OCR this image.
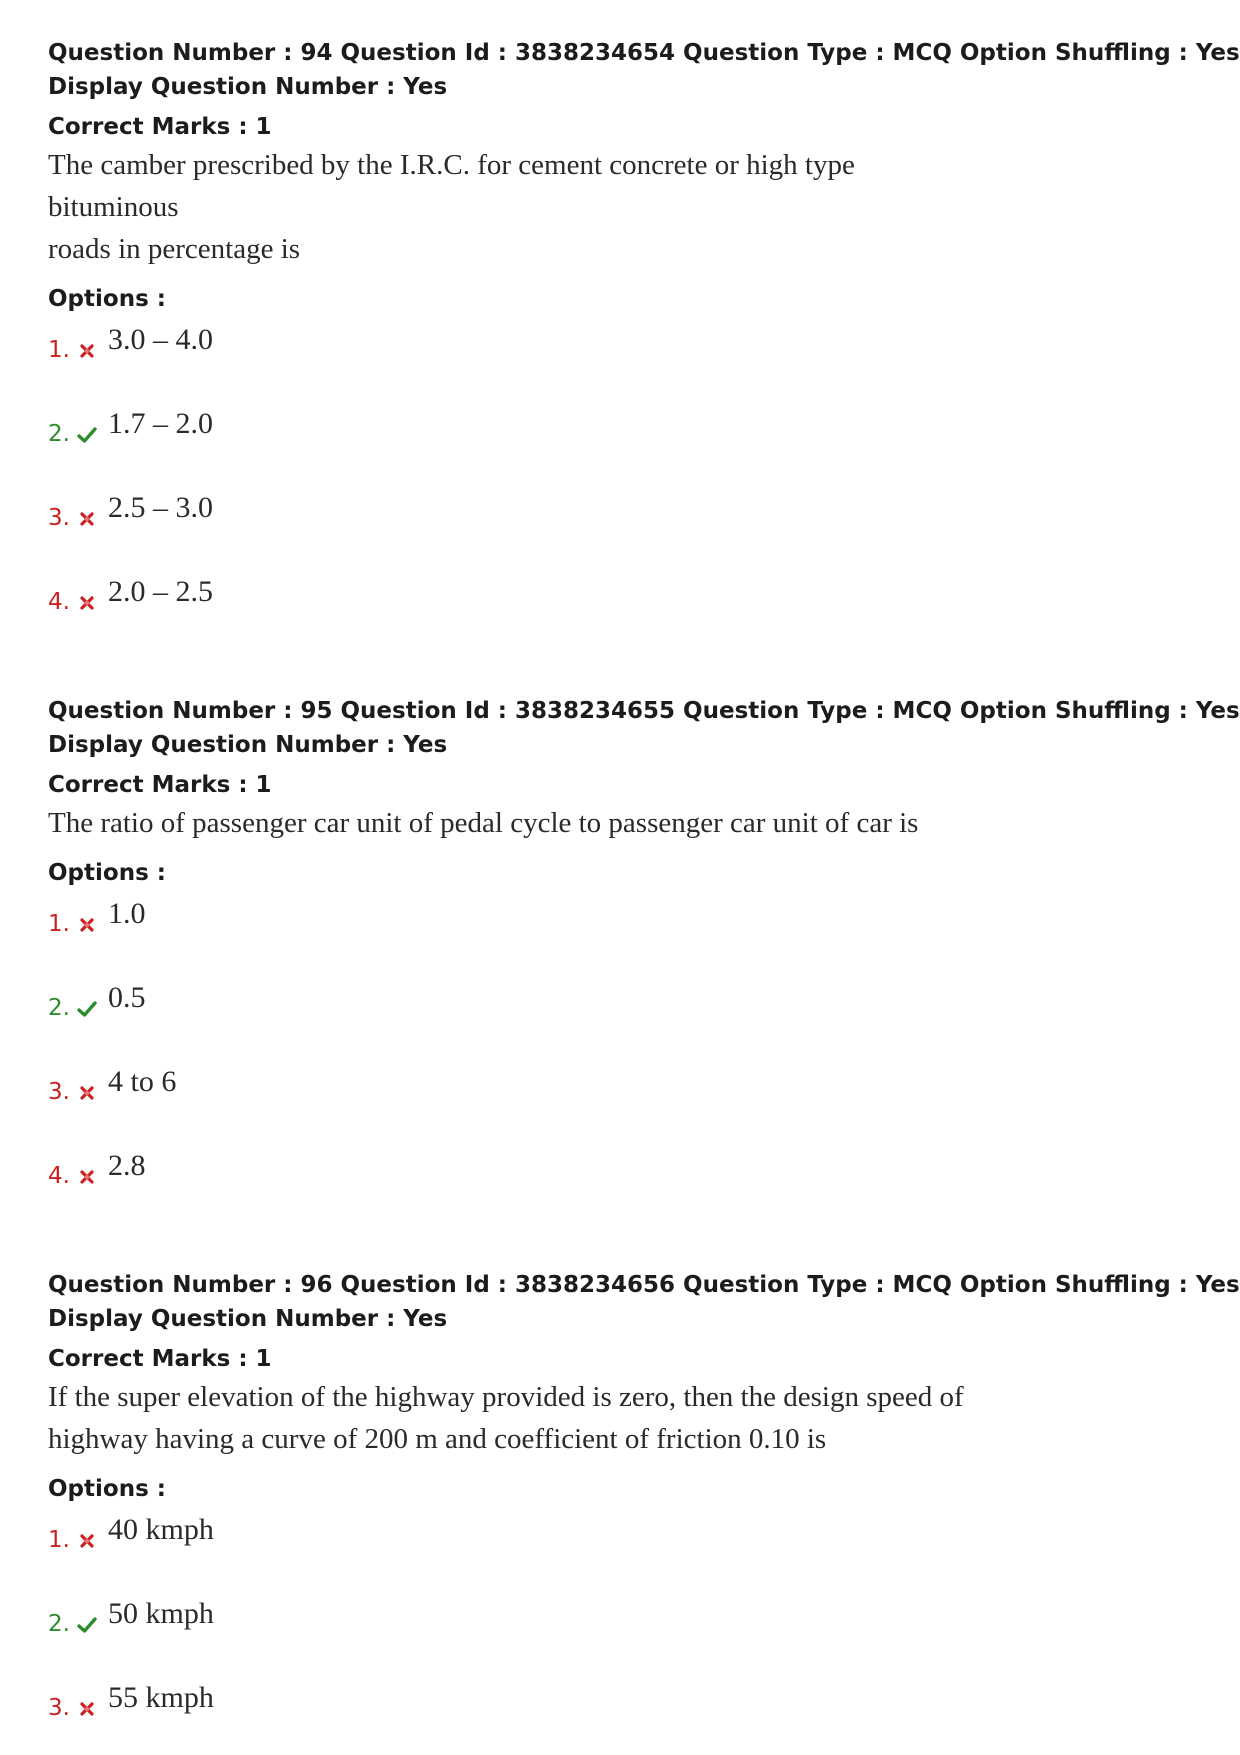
Question Number : 94 Question Id : 3838234654 Question Type : MCQ Option Shuffling : Yes
Display Question Number : Yes
Correct Marks : 1
The camber prescribed by the I.R.C. for cement concrete or high type bituminous
roads in percentage is
Options :
1. 3.0 – 4.0
2. 1.7 – 2.0
3. 2.5 – 3.0
4. 2.0 – 2.5
Question Number : 95 Question Id : 3838234655 Question Type : MCQ Option Shuffling : Yes
Display Question Number : Yes
Correct Marks : 1
The ratio of passenger car unit of pedal cycle to passenger car unit of car is
Options :
1. 1.0
2. 0.5
3. 4 to 6
4. 2.8
Question Number : 96 Question Id : 3838234656 Question Type : MCQ Option Shuffling : Yes
Display Question Number : Yes
Correct Marks : 1
If the super elevation of the highway provided is zero, then the design speed of
highway having a curve of 200 m and coefficient of friction 0.10 is
Options :
1. 40 kmph
2. 50 kmph
3. 55 kmph
